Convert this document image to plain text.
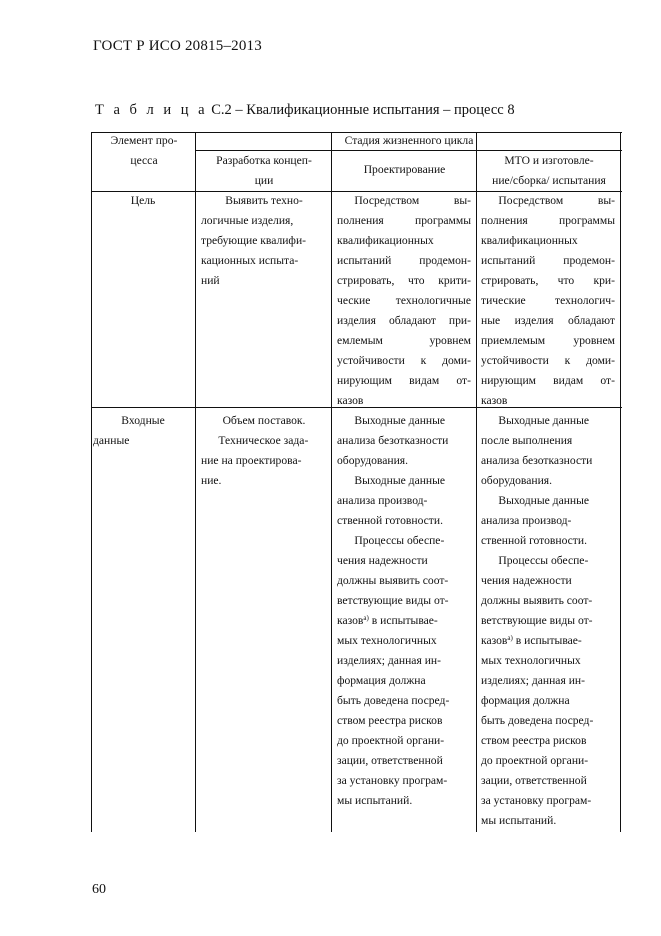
ГОСТ Р ИСО 20815–2013
Т а б л и ц а С.2 – Квалификационные испытания – процесс 8

Элемент про-

цесса

Стадия жизненного цикла

Разработка концеп-

ции

Проектирование

МТО и изготовле-

ние/сборка/ испытания

Цель	Выявить техно-

логичные изделия,

требующие квалифи-

кационных испыта-

ний

Посредством вы-

полнения программы

квалификационных

испытаний продемон-

стрировать, что крити-

ческие технологичные

изделия обладают при-

емлемым уровнем

устойчивости к доми-

нирующим видам от-

казов

Посредством вы-

полнения программы

квалификационных

испытаний продемон-

стрировать, что кри-

тические технологич-

ные изделия обладают

приемлемым уровнем

устойчивости к доми-

нирующим видам от-

казов

Входные

данные

Объем поставок.

Техническое зада-

ние на проектирова-

ние.

Выходные данные

анализа безотказности

оборудования.

Выходные данные

анализа производ-

ственной готовности.

Процессы обеспе-

чения надежности

должны выявить соот-

ветствующие виды от-

казов$^{а)}$ в испытывае-

мых технологичных

изделиях; данная ин-

формация должна

быть доведена посред-

ством реестра рисков

до проектной органи-

зации, ответственной

за установку програм-

мы испытаний.

Выходные данные

после выполнения

анализа безотказности

оборудования.

Выходные данные

анализа производ-

ственной готовности.

Процессы обеспе-

чения надежности

должны выявить соот-

ветствующие виды от-

казов$^{а)}$ в испытывае-

мых технологичных

изделиях; данная ин-

формация должна

быть доведена посред-

ством реестра рисков

до проектной органи-

зации, ответственной

за установку програм-

мы испытаний.

60
